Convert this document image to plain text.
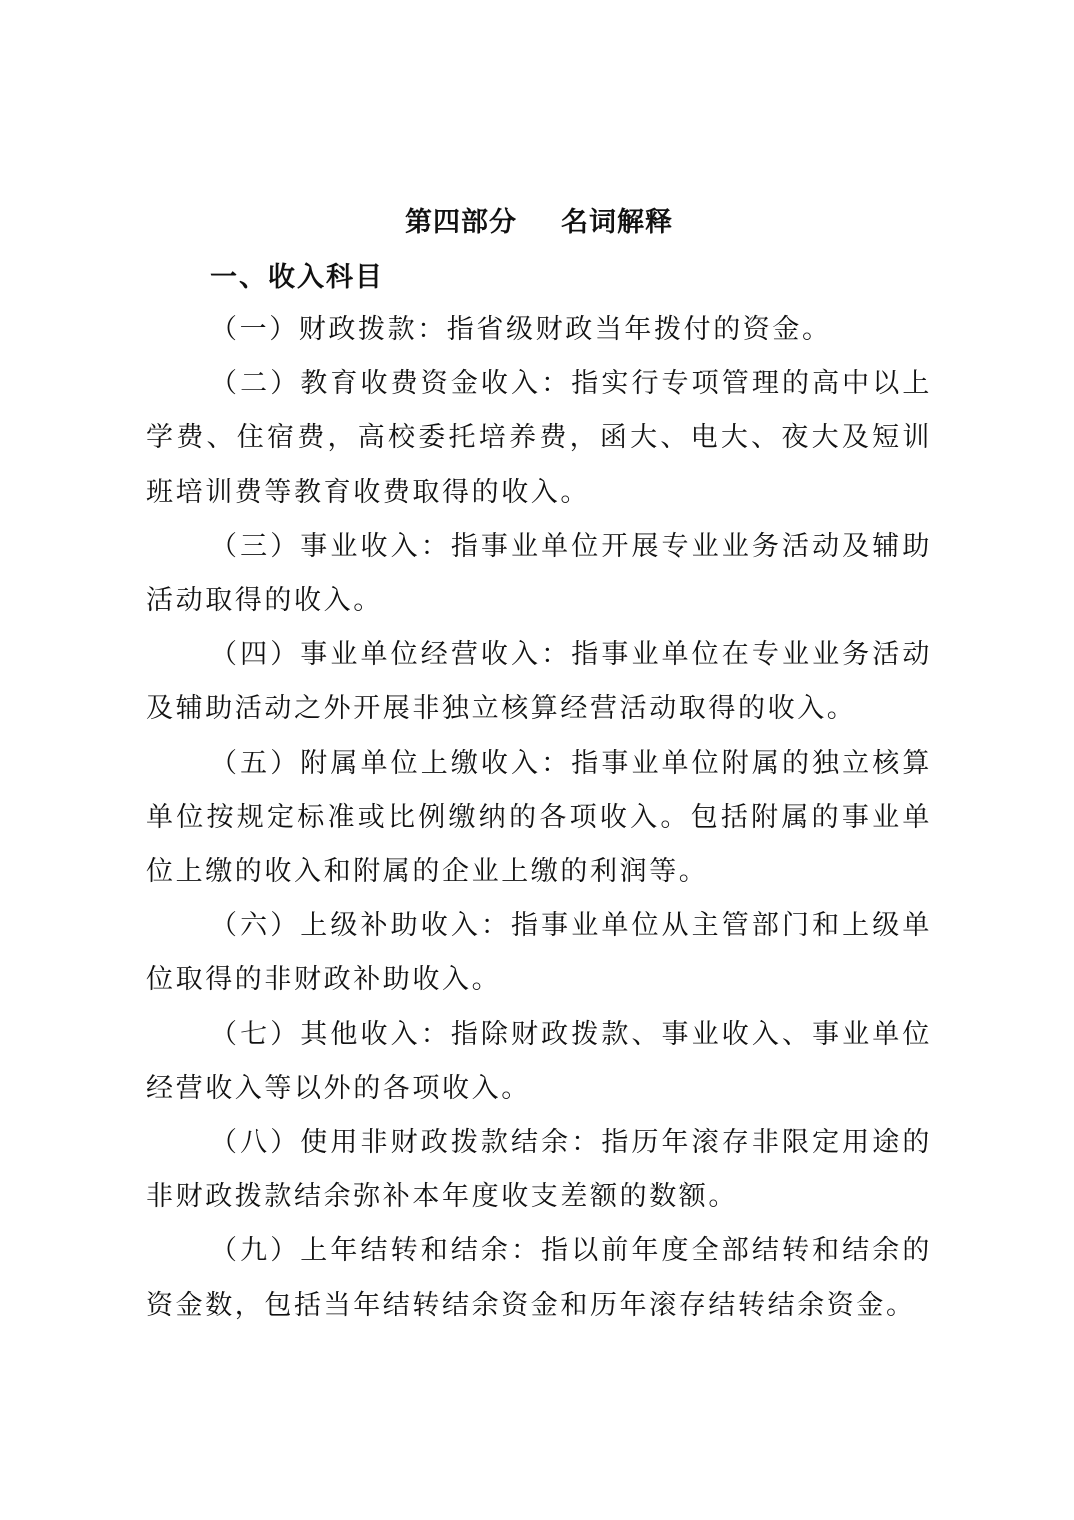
第四部分 名词解释
一、收入科目

（一）财政拨款：指省级财政当年拨付的资金。

（二）教育收费资金收入：指实行专项管理的高中以上学费、住宿费，高校委托培养费，函大、电大、夜大及短训班培训费等教育收费取得的收入。

（三）事业收入：指事业单位开展专业业务活动及辅助活动取得的收入。

（四）事业单位经营收入：指事业单位在专业业务活动及辅助活动之外开展非独立核算经营活动取得的收入。

（五）附属单位上缴收入：指事业单位附属的独立核算单位按规定标准或比例缴纳的各项收入。包括附属的事业单位上缴的收入和附属的企业上缴的利润等。

（六）上级补助收入：指事业单位从主管部门和上级单位取得的非财政补助收入。

（七）其他收入：指除财政拨款、事业收入、事业单位经营收入等以外的各项收入。

（八）使用非财政拨款结余：指历年滚存非限定用途的非财政拨款结余弥补本年度收支差额的数额。

（九）上年结转和结余：指以前年度全部结转和结余的资金数，包括当年结转结余资金和历年滚存结转结余资金。
